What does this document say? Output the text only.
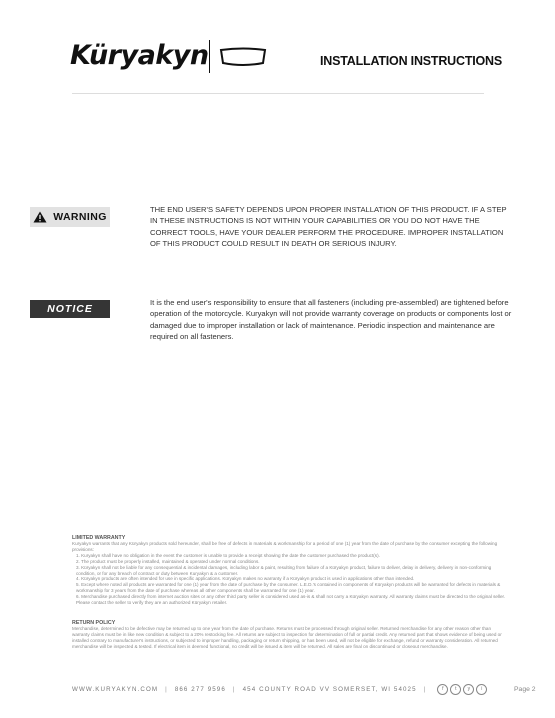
Küryakyn	INSTALLATION INSTRUCTIONS
WARNING

THE END USER'S SAFETY DEPENDS UPON PROPER INSTALLATION OF THIS PRODUCT. IF A STEP IN THESE INSTRUCTIONS IS NOT WITHIN YOUR CAPABILITIES OR YOU DO NOT HAVE THE CORRECT TOOLS, HAVE YOUR DEALER PERFORM THE PROCEDURE. IMPROPER INSTALLATION OF THIS PRODUCT COULD RESULT IN DEATH OR SERIOUS INJURY.

NOTICE

It is the end user's responsibility to ensure that all fasteners (including pre-assembled) are tightened before operation of the motorcycle. Kuryakyn will not provide warranty coverage on products or components lost or damaged due to improper installation or lack of maintenance. Periodic inspection and maintenance are required on all fasteners.

LIMITED WARRANTY

Kuryakyn warrants that any Küryakyn products sold hereunder, shall be free of defects in materials & workmanship for a period of one (1) year from the date of purchase by the consumer excepting the following provisions:

1. Kuryakyn shall have no obligation in the event the customer is unable to provide a receipt showing the date the customer purchased the product(s).
2. The product must be properly installed, maintained & operated under normal conditions.
3. Küryakyn shall not be liable for any consequential & incidental damages, including labor & paint, resulting from failure of a Küryakyn product, failure to deliver, delay in delivery, delivery in non-conforming condition, or for any breach of contract or duty between Kuryakyn & a customer.
4. Küryakyn products are often intended for use in specific applications. Küryakyn makes no warranty if a Küryakyn product is used in applications other than intended.
5. Except where noted all products are warranted for one (1) year from the date of purchase by the consumer. L.E.D.'s contained in components of Küryakyn products will be warranted for defects in materials & workmanship for 3 years from the date of purchase whereas all other components shall be warranted for one (1) year.
6. Merchandise purchased directly from internet auction sites or any other third party seller is considered used as-is & shall not carry a Küryakyn warranty. All warranty claims must be directed to the original seller. Please contact the seller to verify they are an authorized Küryakyn retailer.

RETURN POLICY

Merchandise, determined to be defective may be returned up to one year from the date of purchase. Returns must be processed through original seller. Returned merchandise for any other reason other than warranty claims must be in like new condition & subject to a 20% restocking fee. All returns are subject to inspection for determination of full or partial credit. Any returned part that shows evidence of being used or installed contrary to manufacturer's instructions, or subjected to improper handling, packaging or return shipping, or has been used, will not be eligible for exchange, refund or warranty consideration. All returned merchandise will be inspected & tested. If electrical item is deemed functional, no credit will be issued & item will be returned. All sales are final on discontinued or closeout merchandise.

WWW.KURYAKYN.COM | 866 277 9596 | 454 COUNTY ROAD VV SOMERSET, WI 54025 |	f	t	y	i	Page 2
